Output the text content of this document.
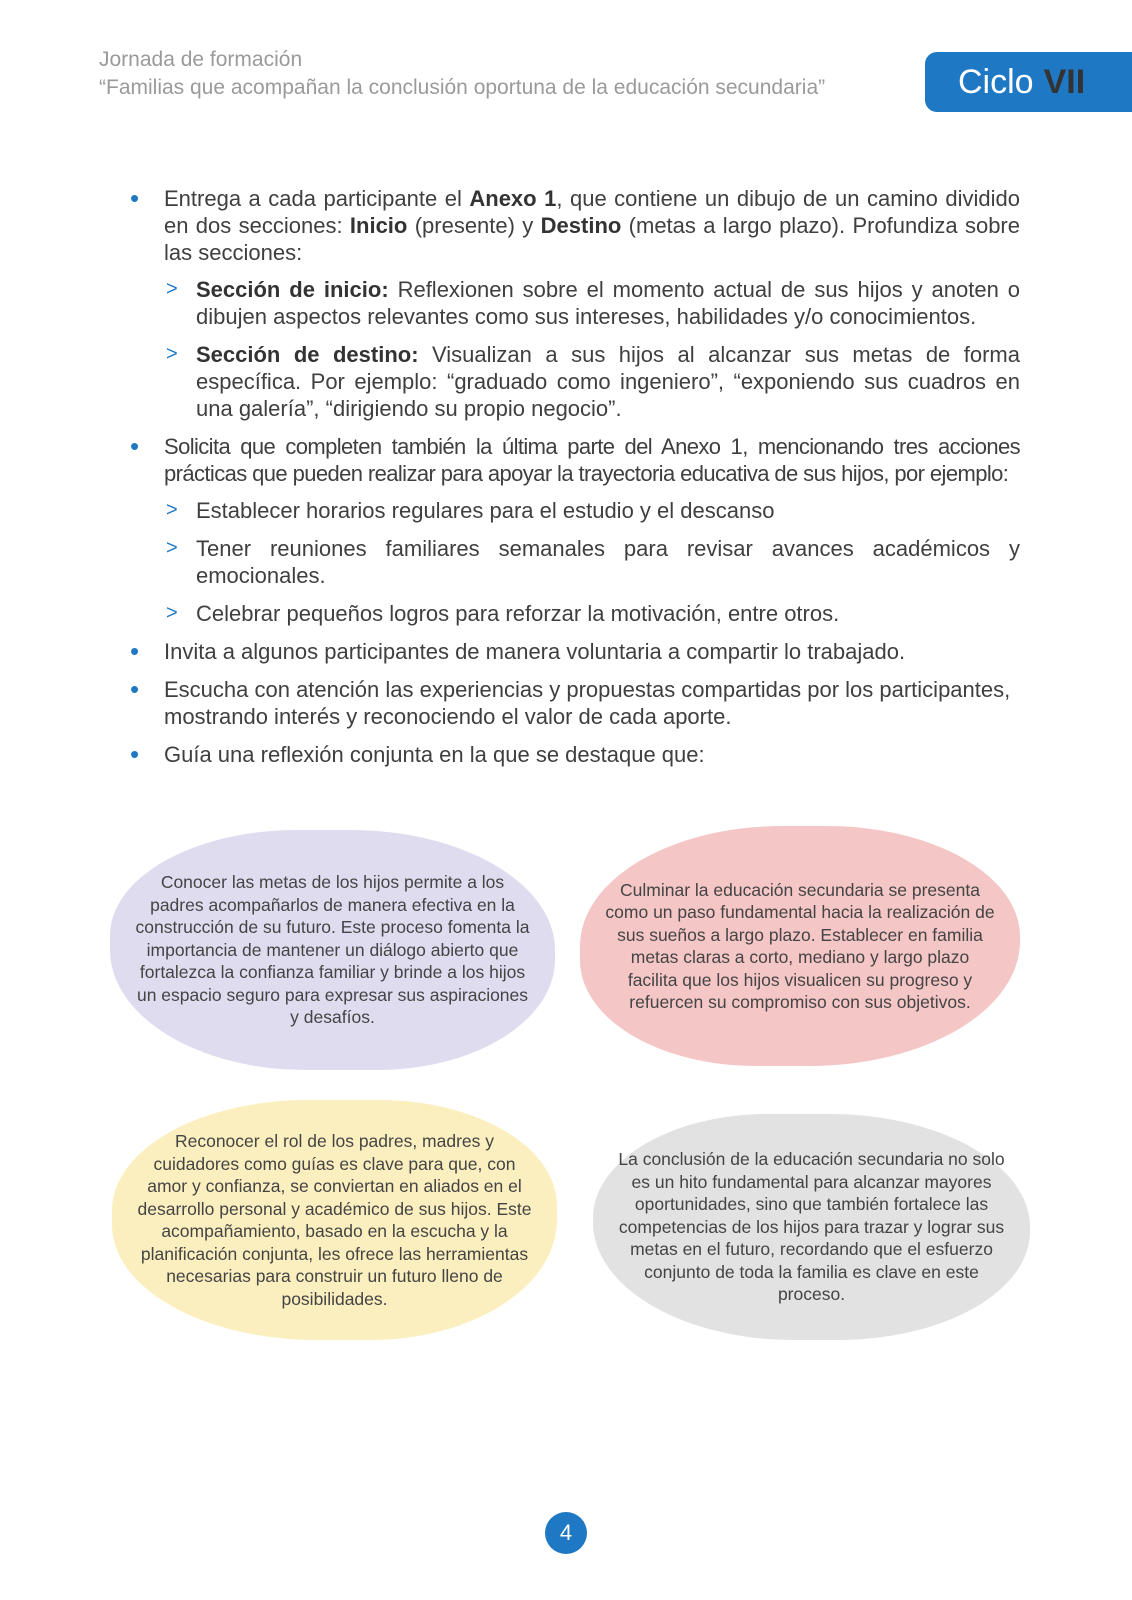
Jornada de formación
“Familias que acompañan la conclusión oportuna de la educación secundaria”	Ciclo VII
• Entrega a cada participante el Anexo 1, que contiene un dibujo de un camino dividido en dos secciones: Inicio (presente) y Destino (metas a largo plazo). Profundiza sobre las secciones:
> Sección de inicio: Reflexionen sobre el momento actual de sus hijos y anoten o dibujen aspectos relevantes como sus intereses, habilidades y/o conocimientos.
> Sección de destino: Visualizan a sus hijos al alcanzar sus metas de forma específica. Por ejemplo: “graduado como ingeniero”, “exponiendo sus cuadros en una galería”, “dirigiendo su propio negocio”.
• Solicita que completen también la última parte del Anexo 1, mencionando tres acciones prácticas que pueden realizar para apoyar la trayectoria educativa de sus hijos, por ejemplo:
> Establecer horarios regulares para el estudio y el descanso
> Tener reuniones familiares semanales para revisar avances académicos y emocionales.
> Celebrar pequeños logros para reforzar la motivación, entre otros.
• Invita a algunos participantes de manera voluntaria a compartir lo trabajado.
• Escucha con atención las experiencias y propuestas compartidas por los participantes, mostrando interés y reconociendo el valor de cada aporte.
• Guía una reflexión conjunta en la que se destaque que:
Conocer las metas de los hijos permite a los padres acompañarlos de manera efectiva en la construcción de su futuro. Este proceso fomenta la importancia de mantener un diálogo abierto que fortalezca la confianza familiar y brinde a los hijos un espacio seguro para expresar sus aspiraciones y desafíos.
Culminar la educación secundaria se presenta como un paso fundamental hacia la realización de sus sueños a largo plazo. Establecer en familia metas claras a corto, mediano y largo plazo facilita que los hijos visualicen su progreso y refuercen su compromiso con sus objetivos.
Reconocer el rol de los padres, madres y cuidadores como guías es clave para que, con amor y confianza, se conviertan en aliados en el desarrollo personal y académico de sus hijos. Este acompañamiento, basado en la escucha y la planificación conjunta, les ofrece las herramientas necesarias para construir un futuro lleno de posibilidades.
La conclusión de la educación secundaria no solo es un hito fundamental para alcanzar mayores oportunidades, sino que también fortalece las competencias de los hijos para trazar y lograr sus metas en el futuro, recordando que el esfuerzo conjunto de toda la familia es clave en este proceso.
4
